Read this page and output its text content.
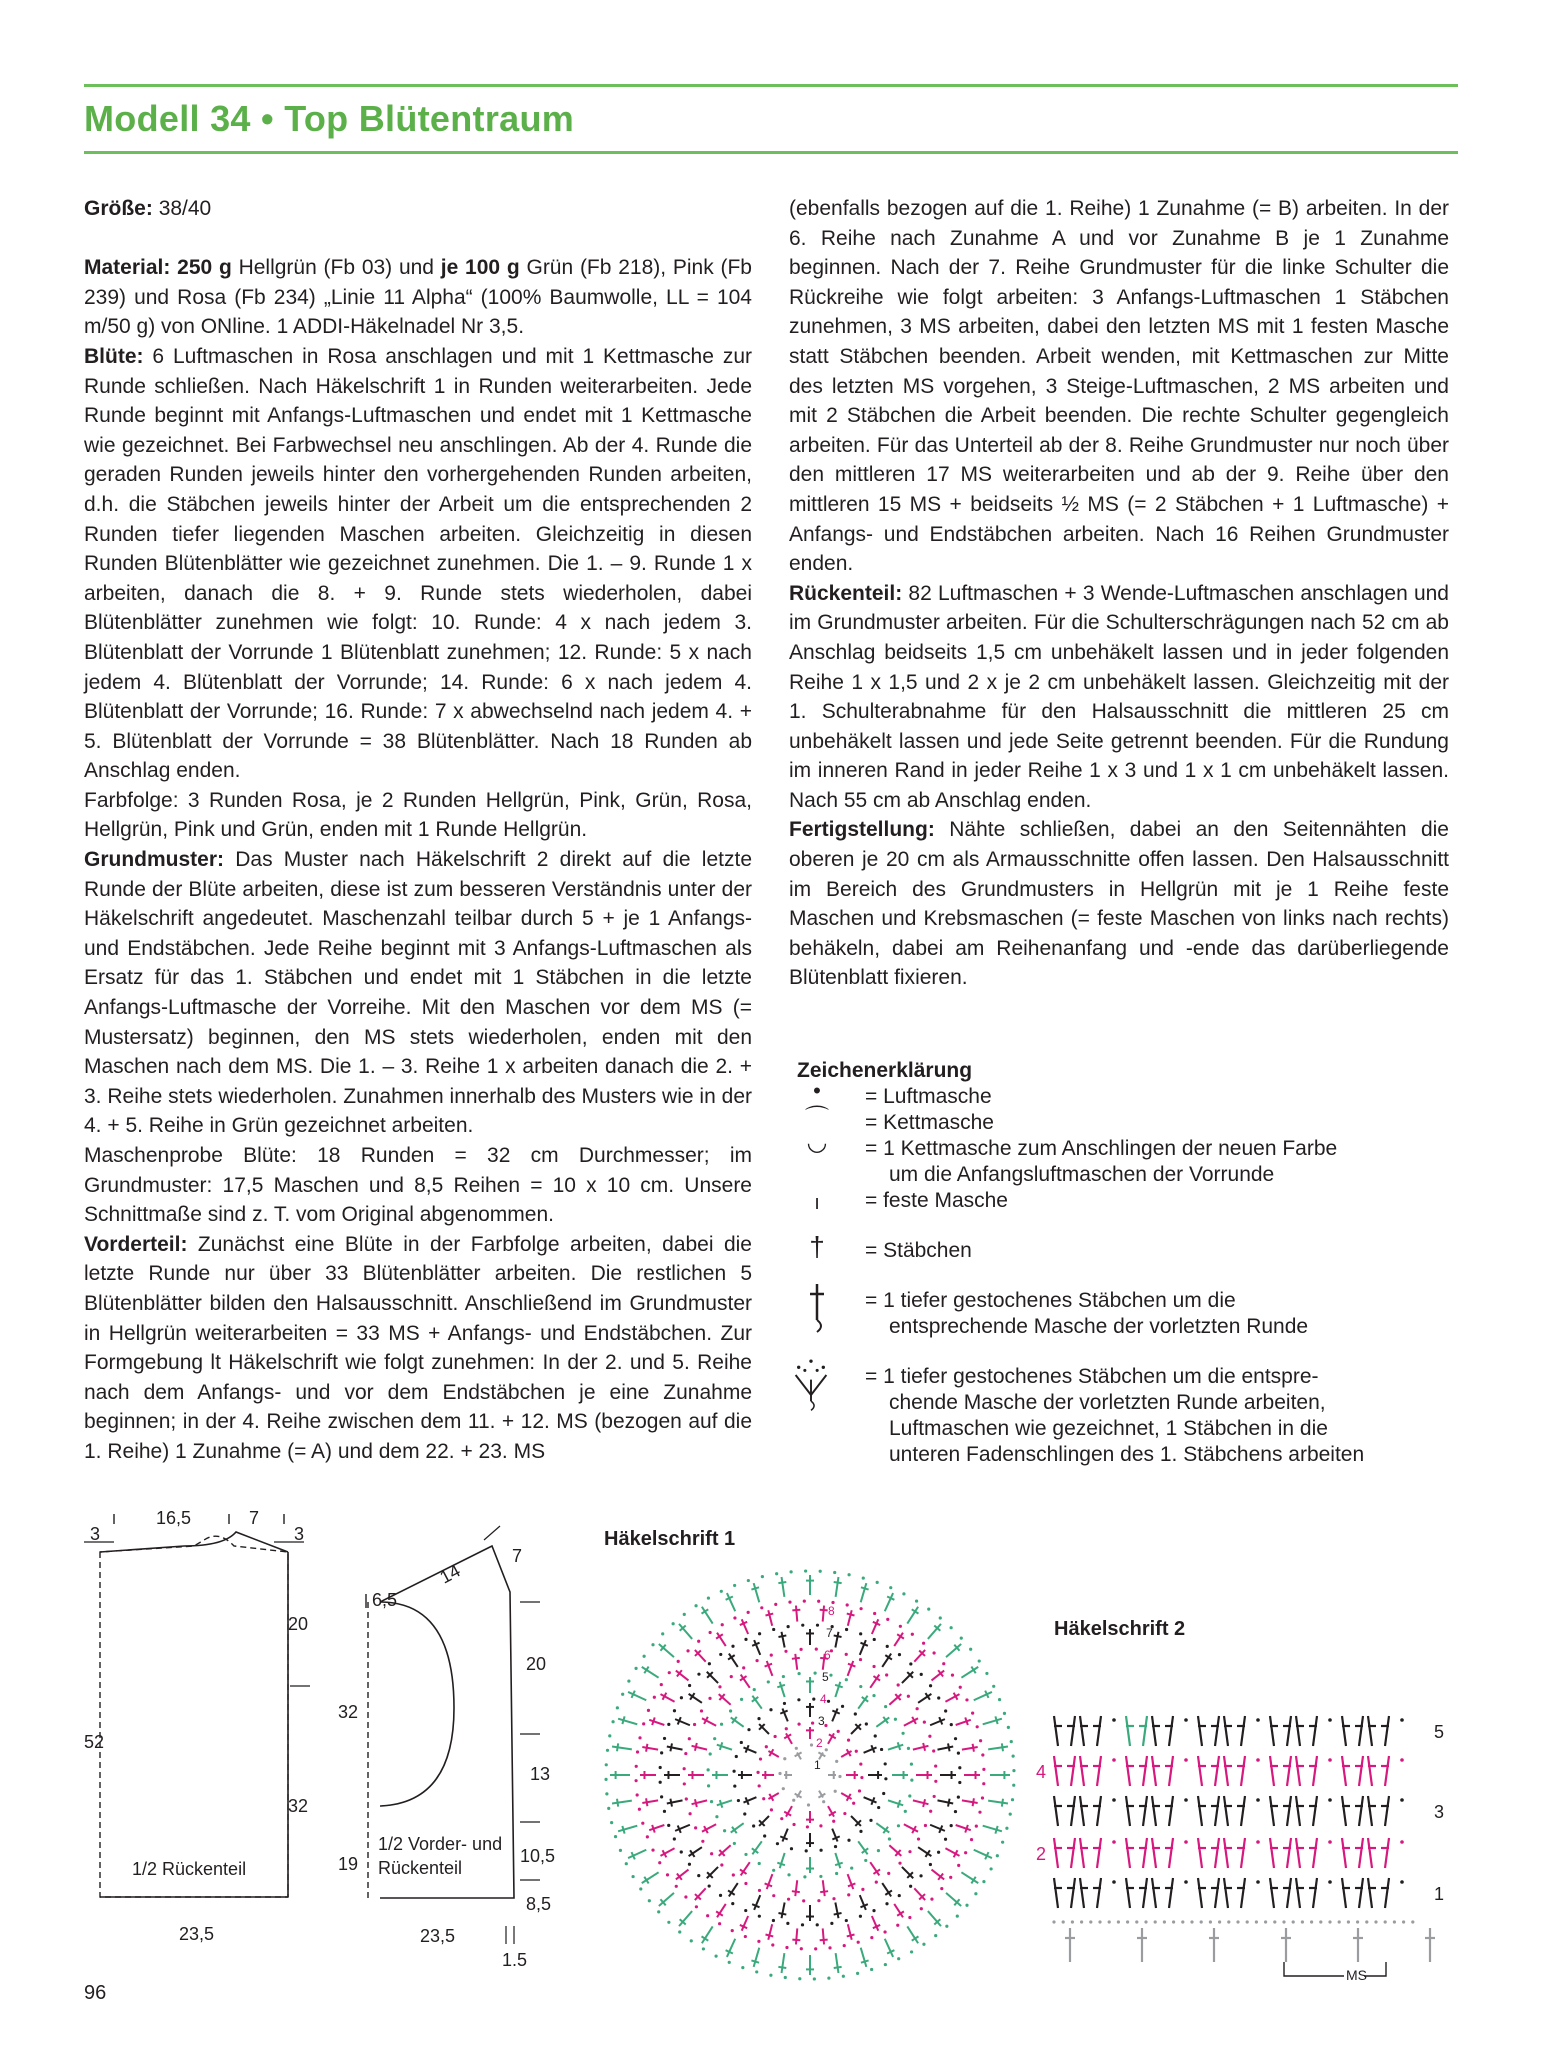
Modell 34 • Top Blütentraum

Größe: 38/40

Material: 250 g Hellgrün (Fb 03) und je 100 g Grün (Fb 218), Pink (Fb 239) und Rosa (Fb 234) „Linie 11 Alpha“ (100% Baumwolle, LL = 104 m/50 g) von ONline. 1 ADDI-Häkelnadel Nr 3,5.

Blüte: 6 Luftmaschen in Rosa anschlagen und mit 1 Kettmasche zur Runde schließen. Nach Häkelschrift 1 in Runden weiterarbeiten. Jede Runde beginnt mit Anfangs-Luftmaschen und endet mit 1 Kettmasche wie gezeichnet. Bei Farbwechsel neu anschlingen. Ab der 4. Runde die geraden Runden jeweils hinter den vorhergehenden Runden arbeiten, d.h. die Stäbchen jeweils hinter der Arbeit um die entsprechenden 2 Runden tiefer liegenden Maschen arbeiten. Gleichzeitig in diesen Runden Blütenblätter wie gezeichnet zunehmen. Die 1. – 9. Runde 1 x arbeiten, danach die 8. + 9. Runde stets wiederholen, dabei Blütenblätter zunehmen wie folgt: 10. Runde: 4 x nach jedem 3. Blütenblatt der Vorrunde 1 Blütenblatt zunehmen; 12. Runde: 5 x nach jedem 4. Blütenblatt der Vorrunde; 14. Runde: 6 x nach jedem 4. Blütenblatt der Vorrunde; 16. Runde: 7 x abwechselnd nach jedem 4. + 5. Blütenblatt der Vorrunde = 38 Blütenblätter. Nach 18 Runden ab Anschlag enden.

Farbfolge: 3 Runden Rosa, je 2 Runden Hellgrün, Pink, Grün, Rosa, Hellgrün, Pink und Grün, enden mit 1 Runde Hellgrün.

Grundmuster: Das Muster nach Häkelschrift 2 direkt auf die letzte Runde der Blüte arbeiten, diese ist zum besseren Verständnis unter der Häkelschrift angedeutet. Maschenzahl teilbar durch 5 + je 1 Anfangs- und Endstäbchen. Jede Reihe beginnt mit 3 Anfangs-Luftmaschen als Ersatz für das 1. Stäbchen und endet mit 1 Stäbchen in die letzte Anfangs-Luftmasche der Vorreihe. Mit den Maschen vor dem MS (= Mustersatz) beginnen, den MS stets wiederholen, enden mit den Maschen nach dem MS. Die 1. – 3. Reihe 1 x arbeiten danach die 2. + 3. Reihe stets wiederholen. Zunahmen innerhalb des Musters wie in der 4. + 5. Reihe in Grün gezeichnet arbeiten.

Maschenprobe Blüte: 18 Runden = 32 cm Durchmesser; im Grundmuster: 17,5 Maschen und 8,5 Reihen = 10 x 10 cm. Unsere Schnittmaße sind z. T. vom Original abgenommen.

Vorderteil: Zunächst eine Blüte in der Farbfolge arbeiten, dabei die letzte Runde nur über 33 Blütenblätter arbeiten. Die restlichen 5 Blütenblätter bilden den Halsausschnitt. Anschließend im Grundmuster in Hellgrün weiterarbeiten = 33 MS + Anfangs- und Endstäbchen. Zur Formgebung lt Häkelschrift wie folgt zunehmen: In der 2. und 5. Reihe nach dem Anfangs- und vor dem Endstäbchen je eine Zunahme beginnen; in der 4. Reihe zwischen dem 11. + 12. MS (bezogen auf die 1. Reihe) 1 Zunahme (= A) und dem 22. + 23. MS

(ebenfalls bezogen auf die 1. Reihe) 1 Zunahme (= B) arbeiten. In der 6. Reihe nach Zunahme A und vor Zunahme B je 1 Zunahme beginnen. Nach der 7. Reihe Grundmuster für die linke Schulter die Rückreihe wie folgt arbeiten: 3 Anfangs-Luftmaschen 1 Stäbchen zunehmen, 3 MS arbeiten, dabei den letzten MS mit 1 festen Masche statt Stäbchen beenden. Arbeit wenden, mit Kettmaschen zur Mitte des letzten MS vorgehen, 3 Steige-Luftmaschen, 2 MS arbeiten und mit 2 Stäbchen die Arbeit beenden. Die rechte Schulter gegengleich arbeiten. Für das Unterteil ab der 8. Reihe Grundmuster nur noch über den mittleren 17 MS weiterarbeiten und ab der 9. Reihe über den mittleren 15 MS + beidseits ½ MS (= 2 Stäbchen + 1 Luftmasche) + Anfangs- und Endstäbchen arbeiten. Nach 16 Reihen Grundmuster enden.

Rückenteil: 82 Luftmaschen + 3 Wende-Luftmaschen anschlagen und im Grundmuster arbeiten. Für die Schulterschrägungen nach 52 cm ab Anschlag beidseits 1,5 cm unbehäkelt lassen und in jeder folgenden Reihe 1 x 1,5 und 2 x je 2 cm unbehäkelt lassen. Gleichzeitig mit der 1. Schulterabnahme für den Halsausschnitt die mittleren 25 cm unbehäkelt lassen und jede Seite getrennt beenden. Für die Rundung im inneren Rand in jeder Reihe 1 x 3 und 1 x 1 cm unbehäkelt lassen. Nach 55 cm ab Anschlag enden.

Fertigstellung: Nähte schließen, dabei an den Seitennähten die oberen je 20 cm als Armausschnitte offen lassen. Den Halsausschnitt im Bereich des Grundmusters in Hellgrün mit je 1 Reihe feste Maschen und Krebsmaschen (= feste Maschen von links nach rechts) behäkeln, dabei am Reihenanfang und -ende das darüberliegende Blütenblatt fixieren.

Zeichenerklärung
•	= Luftmasche
⌒	= Kettmasche
◡	= 1 Kettmasche zum Anschlingen der neuen Farbe
um die Anfangsluftmaschen der Vorrunde
ı	= feste Masche
†	= Stäbchen
= 1 tiefer gestochenes Stäbchen um die
entsprechende Masche der vorletzten Runde
= 1 tiefer gestochenes Stäbchen um die entspre-
chende Masche der vorletzten Runde arbeiten,
Luftmaschen wie gezeichnet, 1 Stäbchen in die
unteren Fadenschlingen des 1. Stäbchens arbeiten
16,5	7
3	3
20
32
52
1/2 Rückenteil
23,5
6,5
14
7
20
13
10,5
8,5
32
19
1/2 Vorder- und
Rückenteil
23,5
1.5
Häkelschrift 1
1
2
3
4
5
6
7
8
Häkelschrift 2
1
2
3
4
5
MS
96
